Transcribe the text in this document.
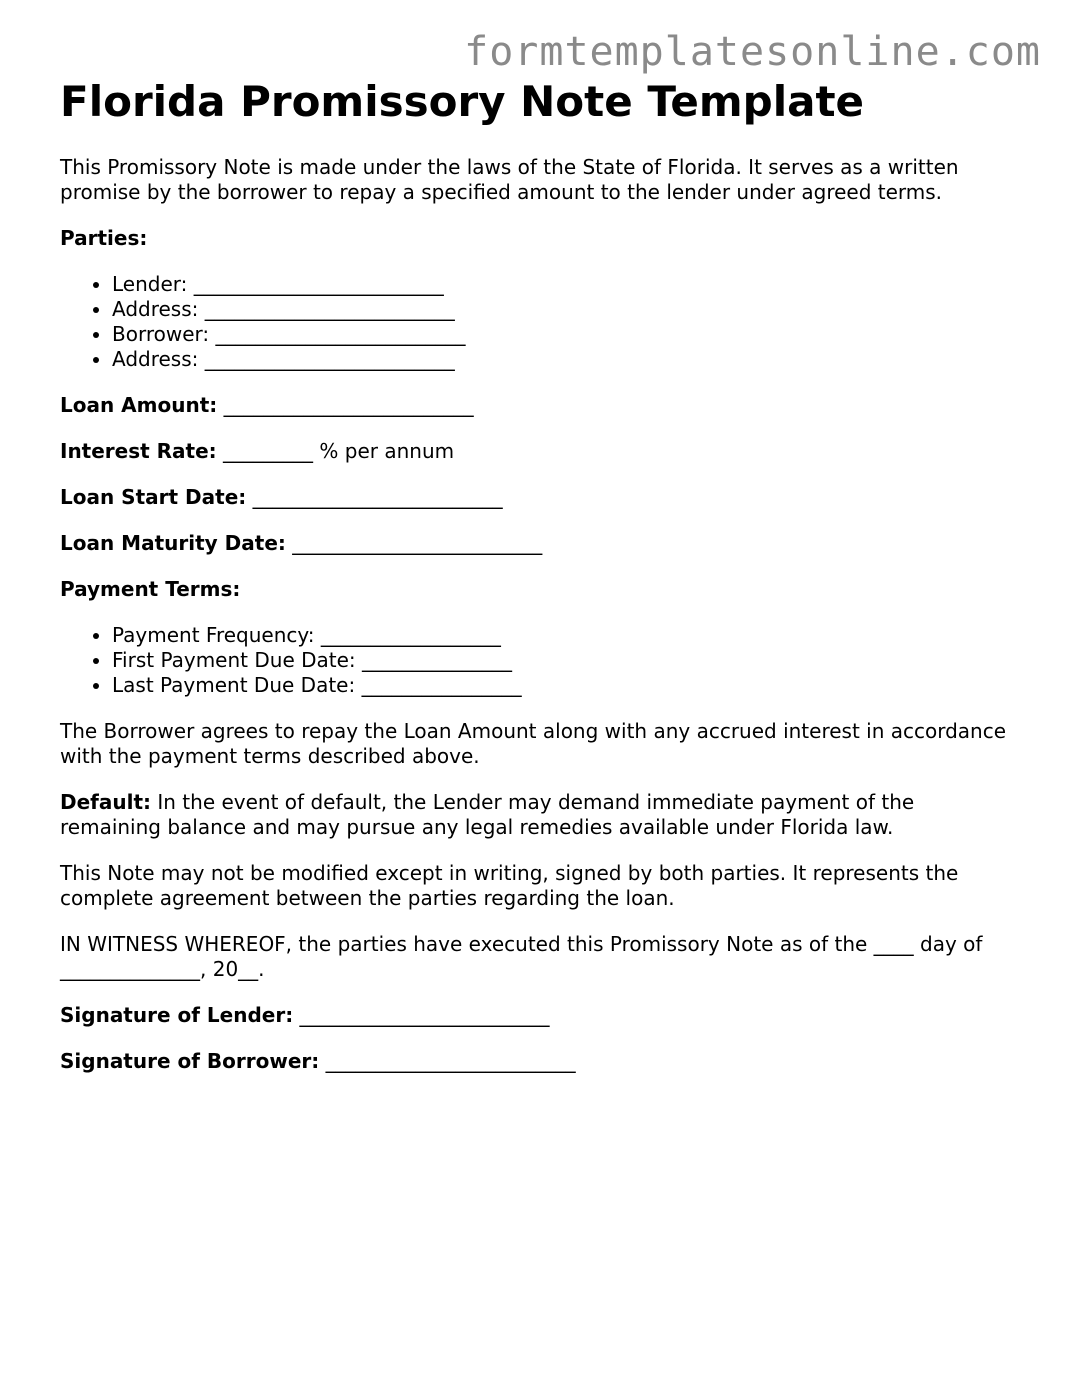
formtemplatesonline.com
Florida Promissory Note Template

This Promissory Note is made under the laws of the State of Florida. It serves as a written promise by the borrower to repay a specified amount to the lender under agreed terms.

Parties:

• Lender: _________________________
• Address: _________________________
• Borrower: _________________________
• Address: _________________________

Loan Amount: _________________________

Interest Rate: _________ % per annum

Loan Start Date: _________________________

Loan Maturity Date: _________________________

Payment Terms:

• Payment Frequency: __________________
• First Payment Due Date: _______________
• Last Payment Due Date: ________________

The Borrower agrees to repay the Loan Amount along with any accrued interest in accordance with the payment terms described above.

Default: In the event of default, the Lender may demand immediate payment of the remaining balance and may pursue any legal remedies available under Florida law.

This Note may not be modified except in writing, signed by both parties. It represents the complete agreement between the parties regarding the loan.

IN WITNESS WHEREOF, the parties have executed this Promissory Note as of the ____ day of ______________, 20__.

Signature of Lender: _________________________

Signature of Borrower: _________________________
